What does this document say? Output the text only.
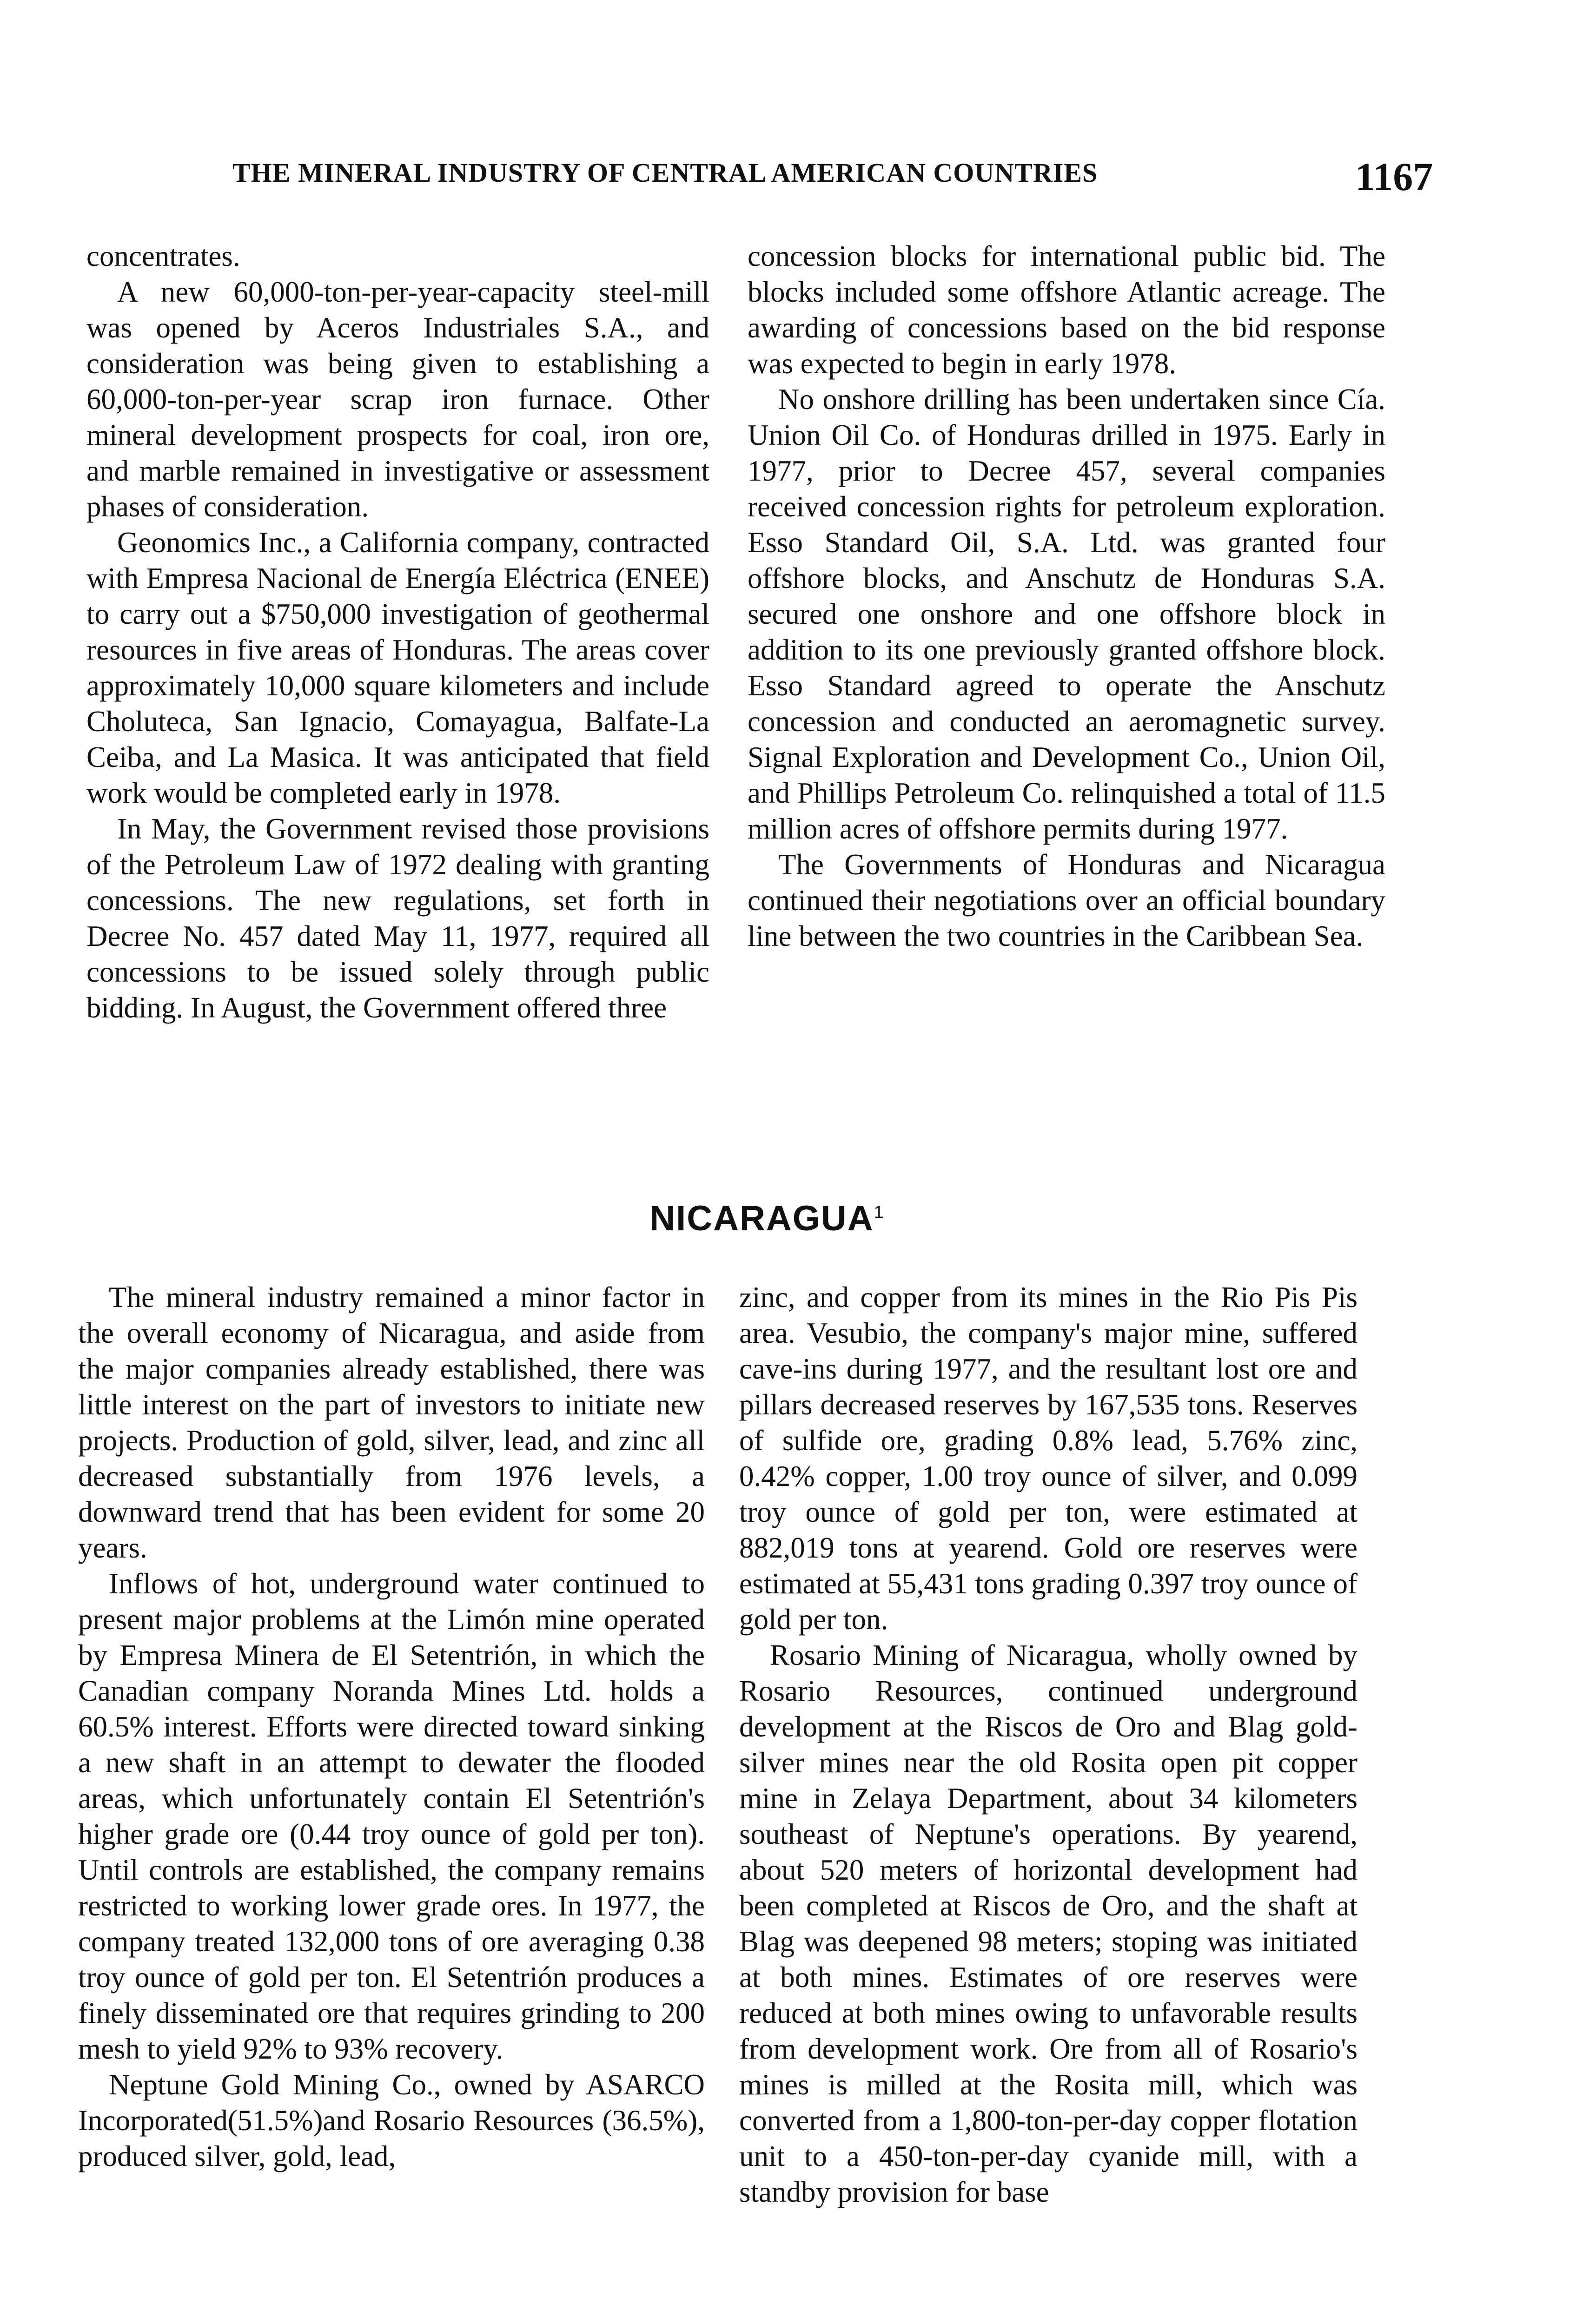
THE MINERAL INDUSTRY OF CENTRAL AMERICAN COUNTRIES	1167

concentrates.

A new 60,000-ton-per-year-capacity steel-mill was opened by Aceros Industriales S.A., and consideration was being given to establishing a 60,000-ton-per-year scrap iron furnace. Other mineral development prospects for coal, iron ore, and marble remained in investigative or assessment phases of consideration.

Geonomics Inc., a California company, contracted with Empresa Nacional de Energía Eléctrica (ENEE) to carry out a $750,000 investigation of geothermal resources in five areas of Honduras. The areas cover approximately 10,000 square kilometers and include Choluteca, San Ignacio, Comayagua, Balfate-La Ceiba, and La Masica. It was anticipated that field work would be completed early in 1978.

In May, the Government revised those provisions of the Petroleum Law of 1972 dealing with granting concessions. The new regulations, set forth in Decree No. 457 dated May 11, 1977, required all concessions to be issued solely through public bidding. In August, the Government offered three

concession blocks for international public bid. The blocks included some offshore Atlantic acreage. The awarding of concessions based on the bid response was expected to begin in early 1978.

No onshore drilling has been undertaken since Cía. Union Oil Co. of Honduras drilled in 1975. Early in 1977, prior to Decree 457, several companies received concession rights for petroleum exploration. Esso Standard Oil, S.A. Ltd. was granted four offshore blocks, and Anschutz de Honduras S.A. secured one onshore and one offshore block in addition to its one previously granted offshore block. Esso Standard agreed to operate the Anschutz concession and conducted an aeromagnetic survey. Signal Exploration and Development Co., Union Oil, and Phillips Petroleum Co. relinquished a total of 11.5 million acres of offshore permits during 1977.

The Governments of Honduras and Nicaragua continued their negotiations over an official boundary line between the two countries in the Caribbean Sea.

NICARAGUA$^1$

The mineral industry remained a minor factor in the overall economy of Nicaragua, and aside from the major companies already established, there was little interest on the part of investors to initiate new projects. Production of gold, silver, lead, and zinc all decreased substantially from 1976 levels, a downward trend that has been evident for some 20 years.

Inflows of hot, underground water continued to present major problems at the Limón mine operated by Empresa Minera de El Setentrión, in which the Canadian company Noranda Mines Ltd. holds a 60.5% interest. Efforts were directed toward sinking a new shaft in an attempt to dewater the flooded areas, which unfortunately contain El Setentrión's higher grade ore (0.44 troy ounce of gold per ton). Until controls are established, the company remains restricted to working lower grade ores. In 1977, the company treated 132,000 tons of ore averaging 0.38 troy ounce of gold per ton. El Setentrión produces a finely disseminated ore that requires grinding to 200 mesh to yield 92% to 93% recovery.

Neptune Gold Mining Co., owned by ASARCO Incorporated(51.5%)and Rosario Resources (36.5%), produced silver, gold, lead,

zinc, and copper from its mines in the Rio Pis Pis area. Vesubio, the company's major mine, suffered cave-ins during 1977, and the resultant lost ore and pillars decreased reserves by 167,535 tons. Reserves of sulfide ore, grading 0.8% lead, 5.76% zinc, 0.42% copper, 1.00 troy ounce of silver, and 0.099 troy ounce of gold per ton, were estimated at 882,019 tons at yearend. Gold ore reserves were estimated at 55,431 tons grading 0.397 troy ounce of gold per ton.

Rosario Mining of Nicaragua, wholly owned by Rosario Resources, continued underground development at the Riscos de Oro and Blag gold-silver mines near the old Rosita open pit copper mine in Zelaya Department, about 34 kilometers southeast of Neptune's operations. By yearend, about 520 meters of horizontal development had been completed at Riscos de Oro, and the shaft at Blag was deepened 98 meters; stoping was initiated at both mines. Estimates of ore reserves were reduced at both mines owing to unfavorable results from development work. Ore from all of Rosario's mines is milled at the Rosita mill, which was converted from a 1,800-ton-per-day copper flotation unit to a 450-ton-per-day cyanide mill, with a standby provision for base
